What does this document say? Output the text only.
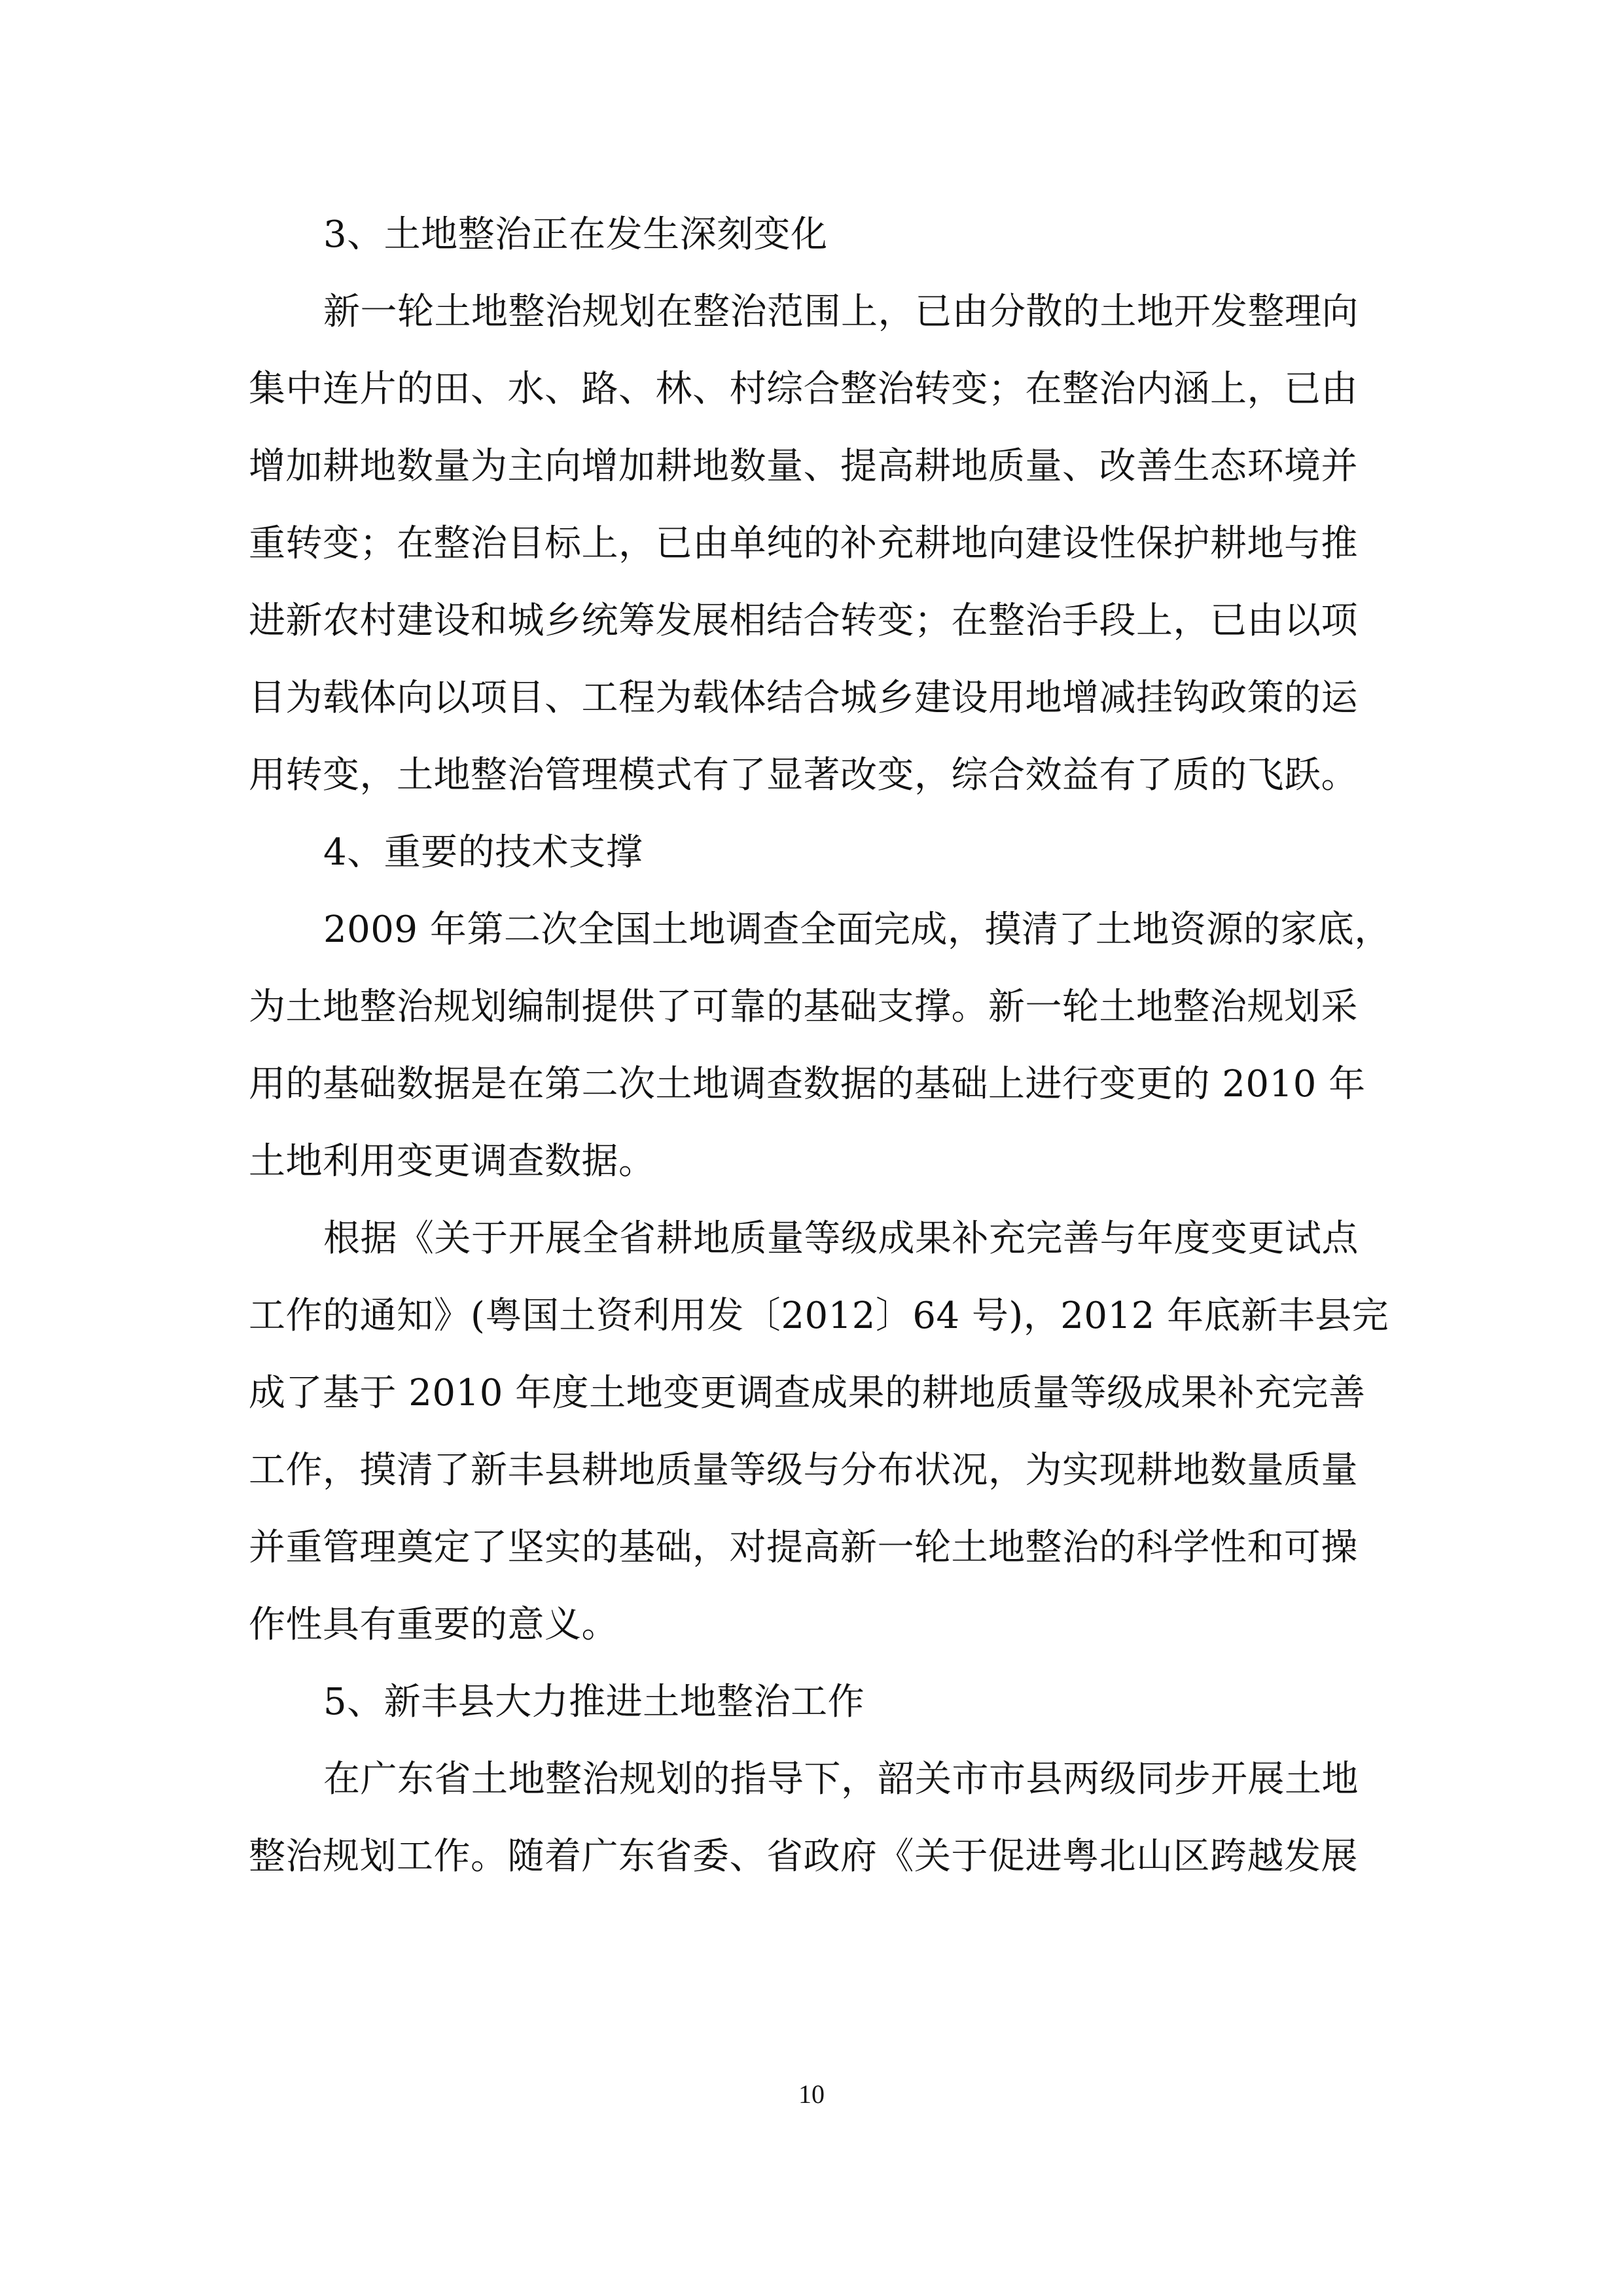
3、土地整治正在发生深刻变化
新一轮土地整治规划在整治范围上，已由分散的土地开发整理向
集中连片的田、水、路、林、村综合整治转变；在整治内涵上，已由
增加耕地数量为主向增加耕地数量、提高耕地质量、改善生态环境并
重转变；在整治目标上，已由单纯的补充耕地向建设性保护耕地与推
进新农村建设和城乡统筹发展相结合转变；在整治手段上，已由以项
目为载体向以项目、工程为载体结合城乡建设用地增减挂钩政策的运
用转变，土地整治管理模式有了显著改变，综合效益有了质的飞跃。
4、重要的技术支撑
2009 年第二次全国土地调查全面完成，摸清了土地资源的家底，
为土地整治规划编制提供了可靠的基础支撑。新一轮土地整治规划采
用的基础数据是在第二次土地调查数据的基础上进行变更的 2010 年
土地利用变更调查数据。
根据《关于开展全省耕地质量等级成果补充完善与年度变更试点
工作的通知》(粤国土资利用发〔2012〕64 号)，2012 年底新丰县完
成了基于 2010 年度土地变更调查成果的耕地质量等级成果补充完善
工作，摸清了新丰县耕地质量等级与分布状况，为实现耕地数量质量
并重管理奠定了坚实的基础，对提高新一轮土地整治的科学性和可操
作性具有重要的意义。
5、新丰县大力推进土地整治工作
在广东省土地整治规划的指导下，韶关市市县两级同步开展土地
整治规划工作。随着广东省委、省政府《关于促进粤北山区跨越发展
10
